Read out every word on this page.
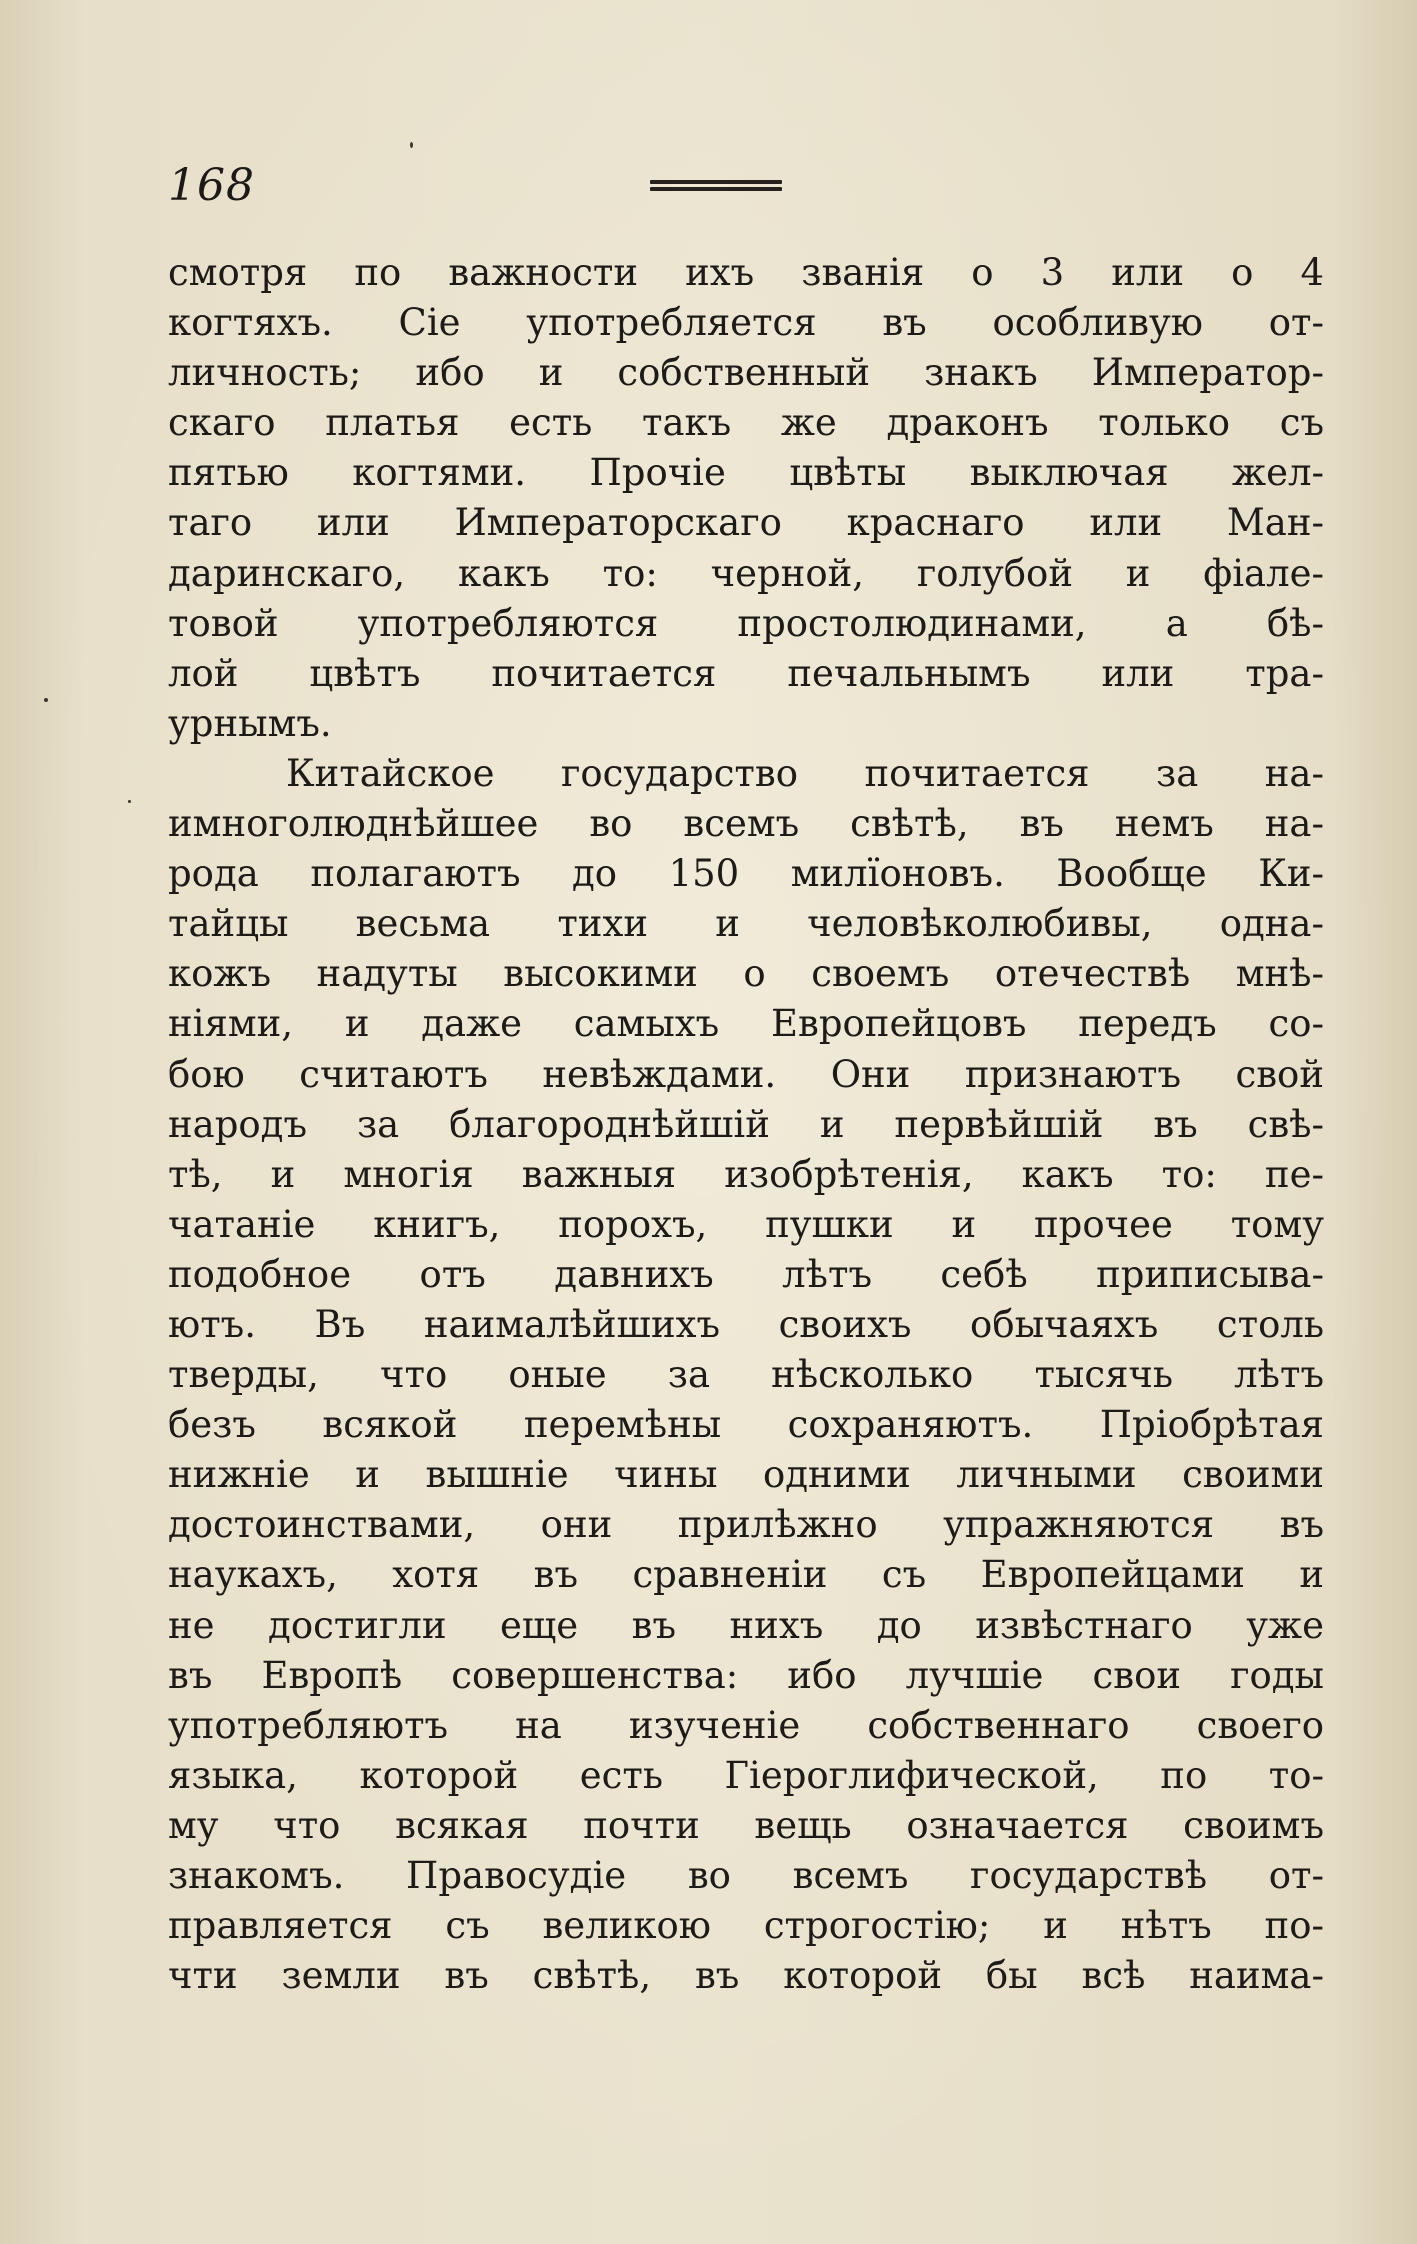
168
смотря по важности ихъ званія о 3 или о 4
когтяхъ. Сіе употребляется въ особливую от-
личность; ибо и собственный знакъ Император-
скаго платья есть такъ же драконъ только съ
пятью когтями. Прочіе цвѣты выключая жел-
таго или Императорскаго краснаго или Ман-
даринскаго, какъ то: черной, голубой и фіале-
товой употребляются простолюдинами, а бѣ-
лой цвѣтъ почитается печальнымъ или тра-
урнымъ.
Китайское государство почитается за на-
имноголюднѣйшее во всемъ свѣтѣ, въ немъ на-
рода полагаютъ до 150 милїоновъ. Вообще Ки-
тайцы весьма тихи и человѣколюбивы, одна-
кожъ надуты высокими о своемъ отечествѣ мнѣ-
ніями, и даже самыхъ Европейцовъ передъ со-
бою считаютъ невѣждами. Они признаютъ свой
народъ за благороднѣйшій и первѣйшій въ свѣ-
тѣ, и многія важныя изобрѣтенія, какъ то: пе-
чатаніе книгъ, порохъ, пушки и прочее тому
подобное отъ давнихъ лѣтъ себѣ приписыва-
ютъ. Въ наималѣйшихъ своихъ обычаяхъ столь
тверды, что оные за нѣсколько тысячь лѣтъ
безъ всякой перемѣны сохраняютъ. Пріобрѣтая
нижніе и вышніе чины одними личными своими
достоинствами, они прилѣжно упражняются въ
наукахъ, хотя въ сравненіи съ Европейцами и
не достигли еще въ нихъ до извѣстнаго уже
въ Европѣ совершенства: ибо лучшіе свои годы
употребляютъ на изученіе собственнаго своего
языка, которой есть Гіероглифической, по то-
му что всякая почти вещь означается своимъ
знакомъ. Правосудіе во всемъ государствѣ от-
правляется съ великою строгостію; и нѣтъ по-
чти земли въ свѣтѣ, въ которой бы всѣ наима-
